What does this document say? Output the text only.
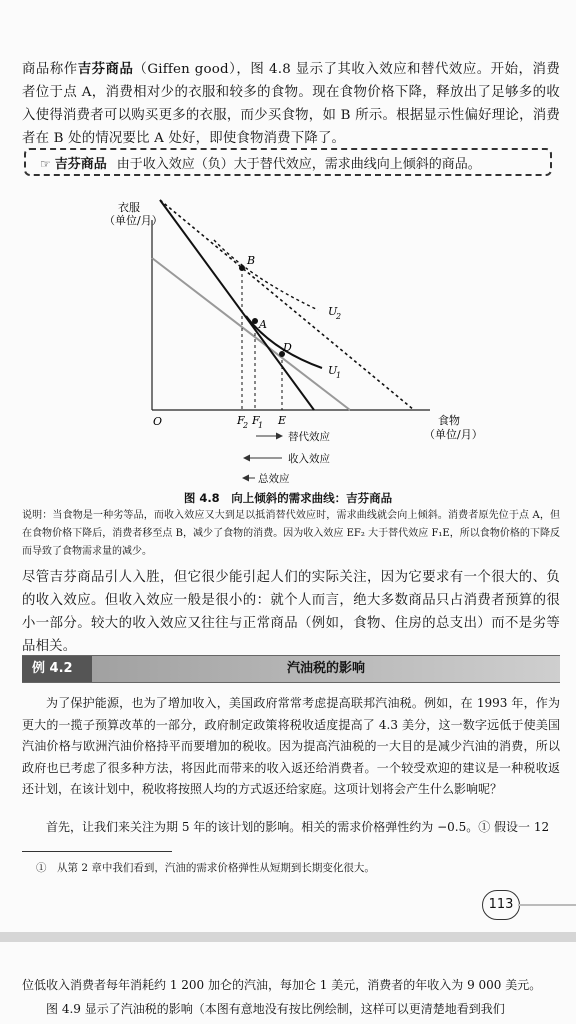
商品称作吉芬商品（Giffen good），图 4.8 显示了其收入效应和替代效应。开始，消费者位于点 A，消费相对少的衣服和较多的食物。现在食物价格下降，释放出了足够多的收入使得消费者可以购买更多的衣服，而少买食物，如 B 所示。根据显示性偏好理论，消费者在 B 处的情况要比 A 处好，即使食物消费下降了。
☞ 吉芬商品 由于收入效应（负）大于替代效应，需求曲线向上倾斜的商品。
衣服
（单位/月）
食物
（单位/月）
O
B
A
D
U
2
U
1
F
2 F
1 E
替代效应
收入效应
总效应
图 4.8　向上倾斜的需求曲线：吉芬商品
说明：当食物是一种劣等品，而收入效应又大到足以抵消替代效应时，需求曲线就会向上倾斜。消费者原先位于点 A，但在食物价格下降后，消费者移至点 B，减少了食物的消费。因为收入效应 EF₂ 大于替代效应 F₁E，所以食物价格的下降反而导致了食物需求量的减少。
尽管吉芬商品引人入胜，但它很少能引起人们的实际关注，因为它要求有一个很大的、负的收入效应。但收入效应一般是很小的：就个人而言，绝大多数商品只占消费者预算的很小一部分。较大的收入效应又往往与正常商品（例如，食物、住房的总支出）而不是劣等品相关。
例 4.2	汽油税的影响
为了保护能源，也为了增加收入，美国政府常常考虑提高联邦汽油税。例如，在 1993 年，作为更大的一揽子预算改革的一部分，政府制定政策将税收适度提高了 4.3 美分，这一数字远低于使美国汽油价格与欧洲汽油价格持平而要增加的税收。因为提高汽油税的一大目的是减少汽油的消费，所以政府也已考虑了很多种方法，将因此而带来的收入返还给消费者。一个较受欢迎的建议是一种税收返还计划，在该计划中，税收将按照人均的方式返还给家庭。这项计划将会产生什么影响呢？
首先，让我们来关注为期 5 年的该计划的影响。相关的需求价格弹性约为 −0.5。① 假设一 12
①　从第 2 章中我们看到，汽油的需求价格弹性从短期到长期变化很大。
113
位低收入消费者每年消耗约 1 200 加仑的汽油，每加仑 1 美元，消费者的年收入为 9 000 美元。
图 4.9 显示了汽油税的影响（本图有意地没有按比例绘制，这样可以更清楚地看到我们
